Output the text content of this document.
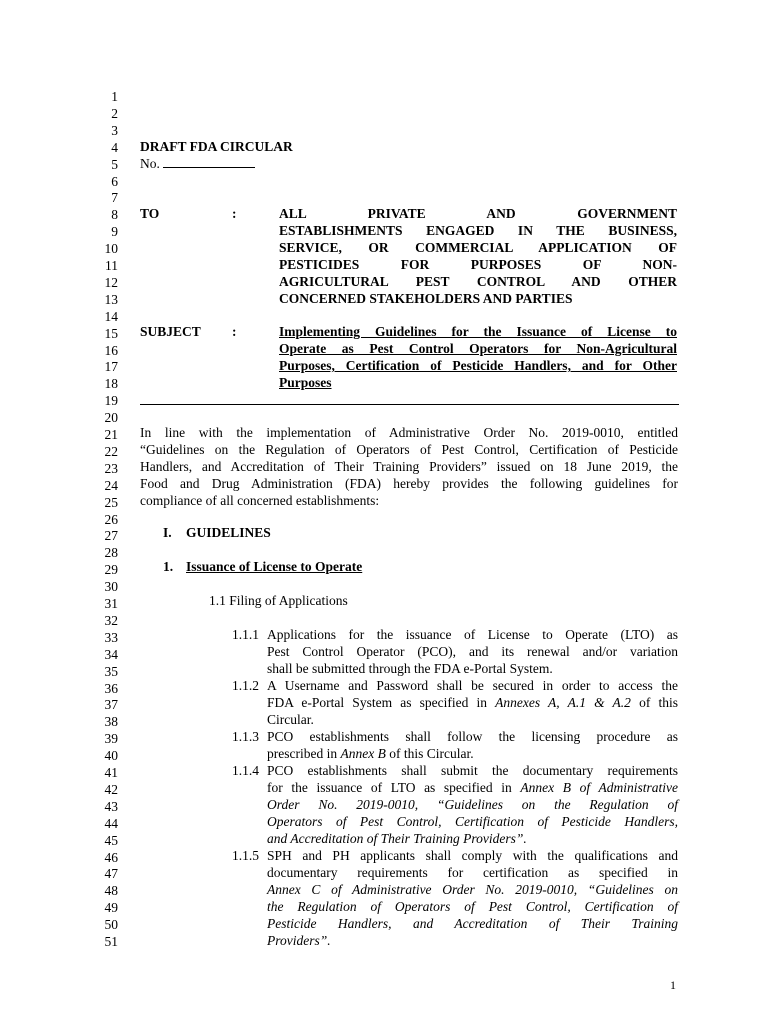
1
2
3
4
5
6
7
8
9
10
11
12
13
14
15
16
17
18
19
20
21
22
23
24
25
26
27
28
29
30
31
32
33
34
35
36
37
38
39
40
41
42
43
44
45
46
47
48
49
50
51
DRAFT FDA CIRCULAR
No.
TO	:	ALL PRIVATE AND GOVERNMENT
ESTABLISHMENTS ENGAGED IN THE BUSINESS,
SERVICE, OR COMMERCIAL APPLICATION OF
PESTICIDES FOR PURPOSES OF NON-
AGRICULTURAL PEST CONTROL AND OTHER
CONCERNED STAKEHOLDERS AND PARTIES
SUBJECT :	Implementing Guidelines for the Issuance of License to
Operate as Pest Control Operators for Non-Agricultural
Purposes, Certification of Pesticide Handlers, and for Other
Purposes
In line with the implementation of Administrative Order No. 2019-0010, entitled
“Guidelines on the Regulation of Operators of Pest Control, Certification of Pesticide
Handlers, and Accreditation of Their Training Providers” issued on 18 June 2019, the
Food and Drug Administration (FDA) hereby provides the following guidelines for
compliance of all concerned establishments:
I. GUIDELINES
1. Issuance of License to Operate
1.1 Filing of Applications
1.1.1 Applications for the issuance of License to Operate (LTO) as
Pest Control Operator (PCO), and its renewal and/or variation
shall be submitted through the FDA e-Portal System.
1.1.2 A Username and Password shall be secured in order to access the
FDA e-Portal System as specified in Annexes A, A.1 & A.2 of this
Circular.
1.1.3 PCO establishments shall follow the licensing procedure as
prescribed in Annex B of this Circular.
1.1.4 PCO establishments shall submit the documentary requirements
for the issuance of LTO as specified in Annex B of Administrative
Order No. 2019-0010, “Guidelines on the Regulation of
Operators of Pest Control, Certification of Pesticide Handlers,
and Accreditation of Their Training Providers”.
1.1.5 SPH and PH applicants shall comply with the qualifications and
documentary requirements for certification as specified in
Annex C of Administrative Order No. 2019-0010, “Guidelines on
the Regulation of Operators of Pest Control, Certification of
Pesticide Handlers, and Accreditation of Their Training
Providers”.
1
